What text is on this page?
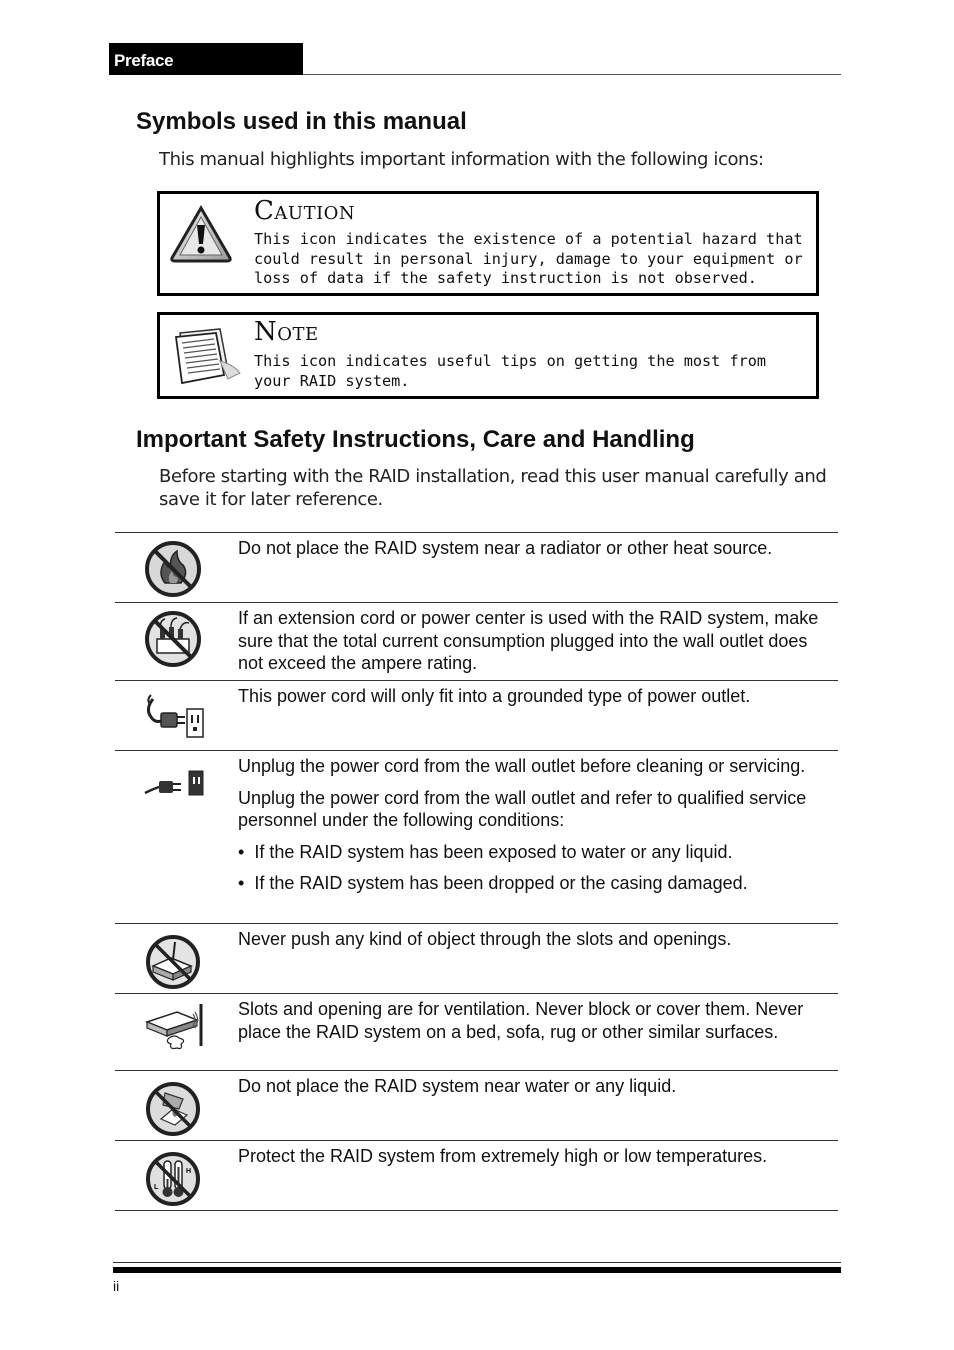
Preface
Symbols used in this manual
This manual highlights important information with the following icons:
Caution
This icon indicates the existence of a potential hazard that could result in personal injury, damage to your equipment or loss of data if the safety instruction is not observed.
Note
This icon indicates useful tips on getting the most from your RAID system.
Important Safety Instructions, Care and Handling
Before starting with the RAID installation, read this user manual carefully and save it for later reference.
Do not place the RAID system near a radiator or other heat source.
If an extension cord or power center is used with the RAID system, make sure that the total current consumption plugged into the wall outlet does not exceed the ampere rating.
This power cord will only fit into a grounded type of power outlet.

Unplug the power cord from the wall outlet before cleaning or servicing.

Unplug the power cord from the wall outlet and refer to qualified service personnel under the following conditions:

•  If the RAID system has been exposed to water or any liquid.

•  If the RAID system has been dropped or the casing damaged.

Never push any kind of object through the slots and openings.
Slots and opening are for ventilation. Never block or cover them. Never place the RAID system on a bed, sofa, rug or other similar surfaces.
Do not place the RAID system near water or any liquid.
L
H
Protect the RAID system from extremely high or low temperatures.
ii
